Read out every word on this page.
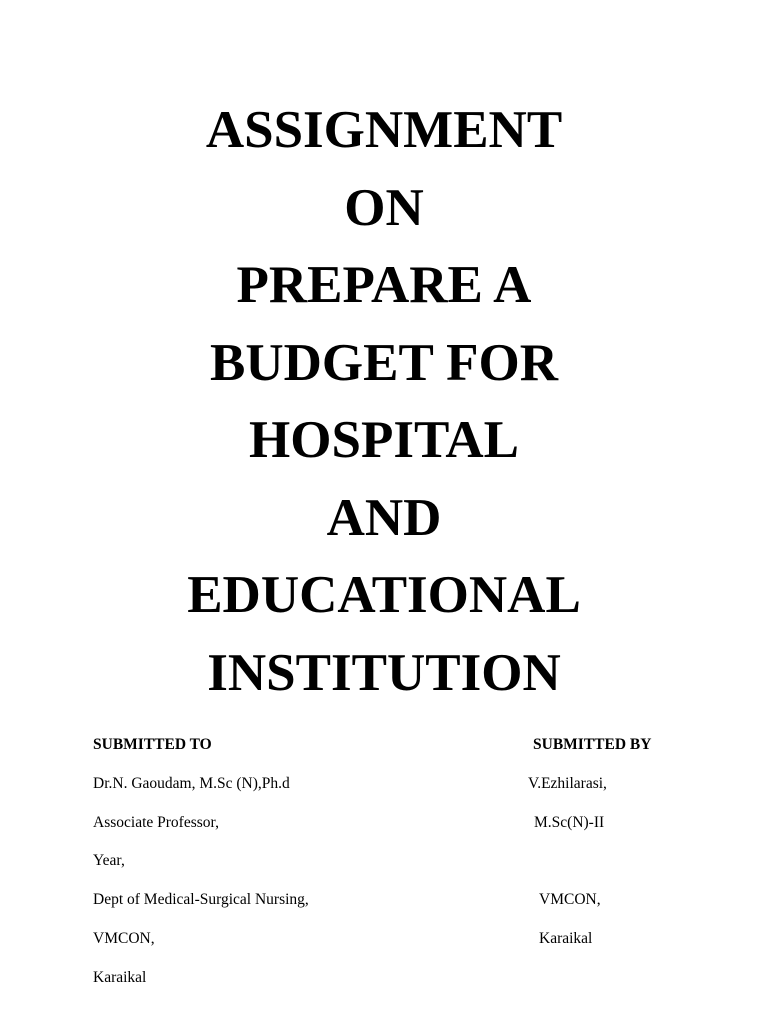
ASSIGNMENT
ON
PREPARE A
BUDGET FOR
HOSPITAL
AND
EDUCATIONAL
INSTITUTION
SUBMITTED TO
Dr.N. Gaoudam, M.Sc (N),Ph.d
Associate Professor,
Year,
Dept of Medical-Surgical Nursing,
VMCON,
Karaikal
SUBMITTED BY
V.Ezhilarasi,
M.Sc(N)-II
VMCON,
Karaikal
